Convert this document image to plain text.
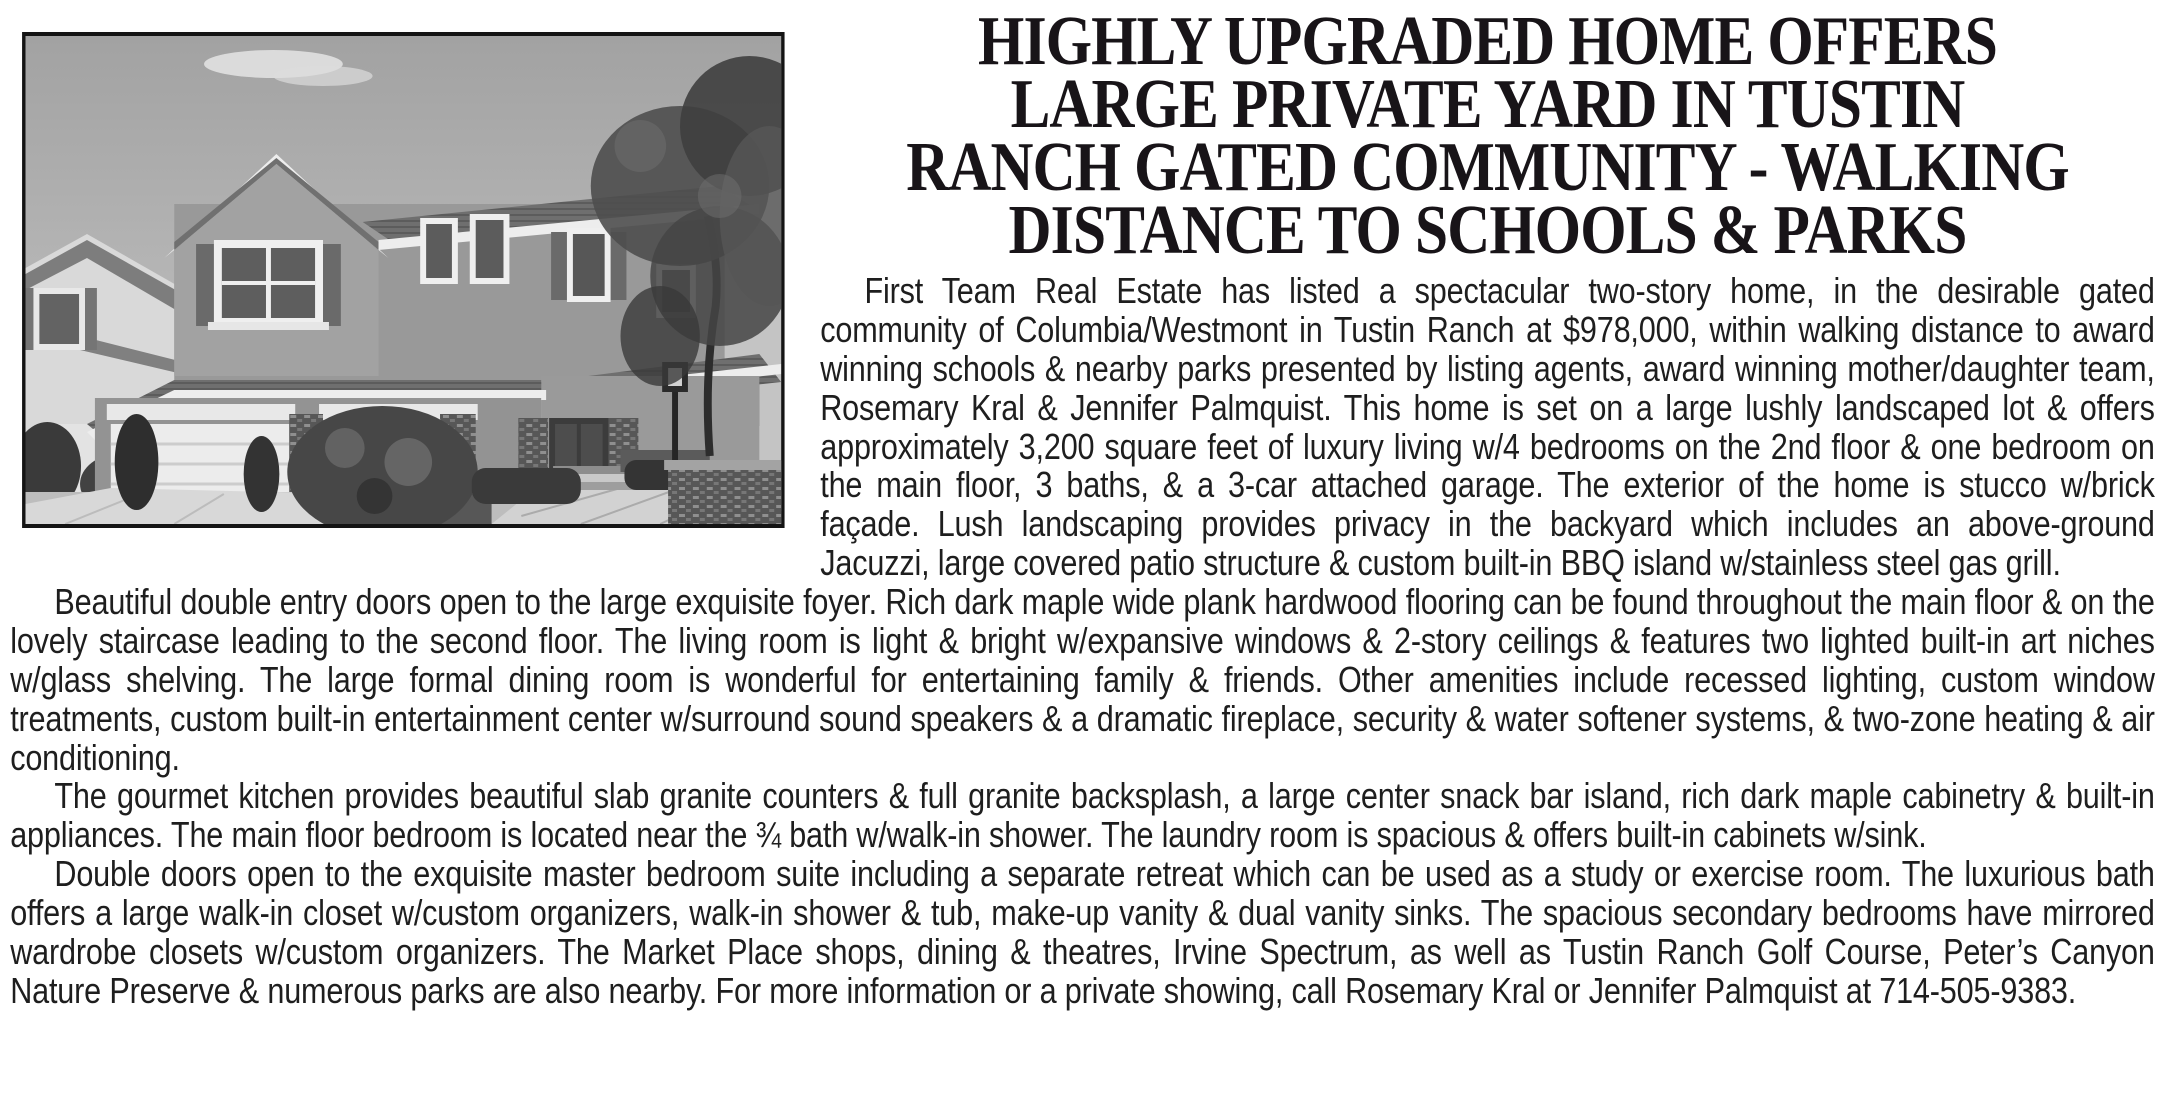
HIGHLY UPGRADED HOME OFFERS
LARGE PRIVATE YARD IN TUSTIN
RANCH GATED COMMUNITY - WALKING
DISTANCE TO SCHOOLS & PARKS

First Team Real Estate has listed a spectacular two-story home, in the desirable gated community of Columbia/Westmont in Tustin Ranch at $978,000, within walking distance to award winning schools & nearby parks presented by listing agents, award winning mother/daughter team, Rosemary Kral & Jennifer Palmquist. This home is set on a large lushly landscaped lot & offers approximately 3,200 square feet of luxury living w/4 bedrooms on the 2nd floor & one bedroom on the main floor, 3 baths, & a 3-car attached garage. The exterior of the home is stucco w/brick façade. Lush landscaping provides privacy in the backyard which includes an above-ground Jacuzzi, large covered patio structure & custom built-in BBQ island w/stainless steel gas grill.

Beautiful double entry doors open to the large exquisite foyer. Rich dark maple wide plank hardwood flooring can be found throughout the main floor & on the lovely staircase leading to the second floor. The living room is light & bright w/expansive windows & 2-story ceilings & features two lighted built-in art niches w/glass shelving. The large formal dining room is wonderful for entertaining family & friends. Other amenities include recessed lighting, custom window treatments, custom built-in entertainment center w/surround sound speakers & a dramatic fireplace, security & water softener systems, & two-zone heating & air conditioning.

The gourmet kitchen provides beautiful slab granite counters & full granite backsplash, a large center snack bar island, rich dark maple cabinetry & built-in appliances. The main floor bedroom is located near the ¾ bath w/walk-in shower. The laundry room is spacious & offers built-in cabinets w/sink.

Double doors open to the exquisite master bedroom suite including a separate retreat which can be used as a study or exercise room. The luxurious bath offers a large walk-in closet w/custom organizers, walk-in shower & tub, make-up vanity & dual vanity sinks. The spacious secondary bedrooms have mirrored wardrobe closets w/custom organizers. The Market Place shops, dining & theatres, Irvine Spectrum, as well as Tustin Ranch Golf Course, Peter’s Canyon Nature Preserve & numerous parks are also nearby. For more information or a private showing, call Rosemary Kral or Jennifer Palmquist at 714-505-9383.
